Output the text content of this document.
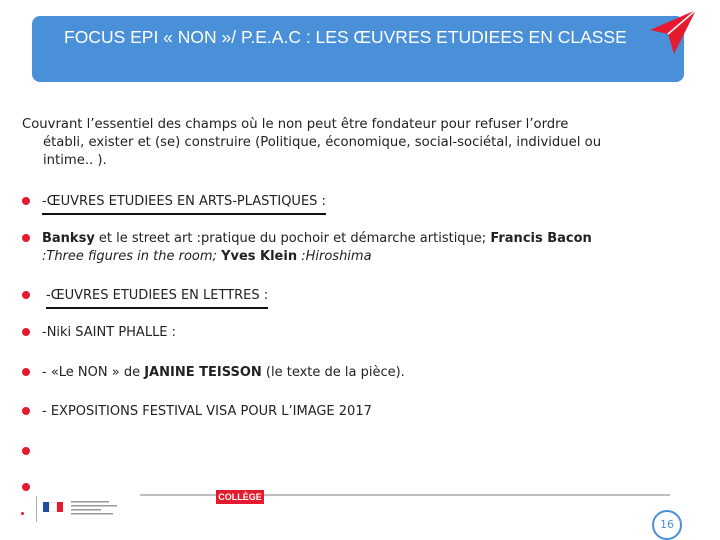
FOCUS EPI « NON »/ P.E.A.C : LES ŒUVRES ETUDIEES EN CLASSE
Couvrant l’essentiel des champs où le non peut être fondateur pour refuser l’ordre
établi, exister et (se) construire (Politique, économique, social-sociétal, individuel ou
intime.. ).
-ŒUVRES ETUDIEES EN ARTS-PLASTIQUES :
Banksy et le street art :pratique du pochoir et démarche artistique; Francis Bacon
:Three figures in the room; Yves Klein :Hiroshima
-ŒUVRES ETUDIEES EN LETTRES :
-Niki SAINT PHALLE :
- «Le NON » de JANINE TEISSON (le texte de la pièce).
- EXPOSITIONS FESTIVAL VISA POUR L’IMAGE 2017
COLLÈGE
16
